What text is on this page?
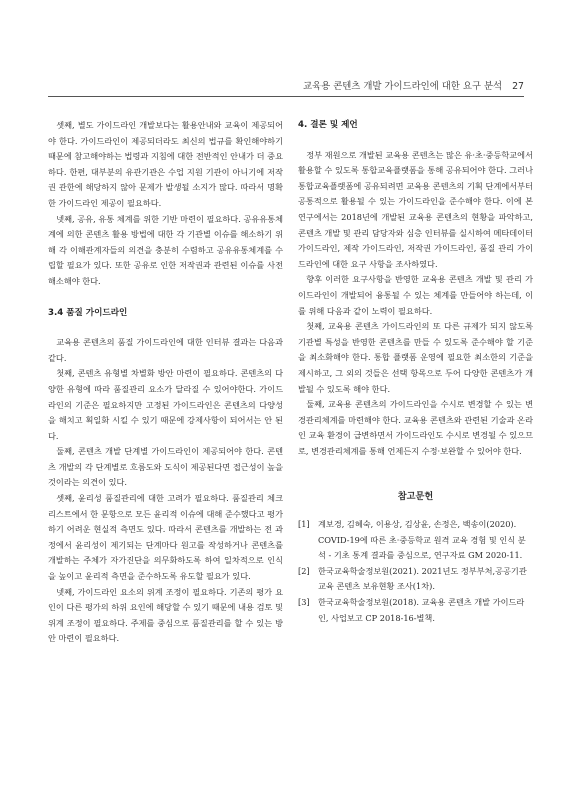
교육용 콘텐츠 개발 가이드라인에 대한 요구 분석 27

셋째, 별도 가이드라인 개발보다는 활용안내와 교육이 제공되어야 한다. 가이드라인이 제공되더라도 최신의 법규를 확인해야하기 때문에 참고해야하는 법령과 지침에 대한 전반적인 안내가 더 중요하다. 한편, 대부분의 유관기관은 수업 지원 기관이 아니기에 저작권 관한에 해당하지 않아 문제가 발생될 소지가 많다. 따라서 명확한 가이드라인 제공이 필요하다.

넷째, 공유, 유통 체계를 위한 기반 마련이 필요하다. 공유유통체계에 의한 콘텐츠 활용 방법에 대한 각 기관별 이슈를 해소하기 위해 각 이해관계자들의 의견을 충분히 수렴하고 공유유통체계를 수립할 필요가 있다. 또한 공유로 인한 저작권과 관련된 이슈를 사전 해소해야 한다.

3.4 품질 가이드라인

교육용 콘텐츠의 품질 가이드라인에 대한 인터뷰 결과는 다음과 같다.

첫째, 콘텐츠 유형별 차별화 방안 마련이 필요하다. 콘텐츠의 다양한 유형에 따라 품질관리 요소가 달라질 수 있어야한다. 가이드라인의 기준은 필요하지만 고정된 가이드라인은 콘텐츠의 다양성을 해치고 획일화 시킬 수 있기 때문에 강제사항이 되어서는 안 된다.

둘째, 콘텐츠 개발 단계별 가이드라인이 제공되어야 한다. 콘텐츠 개발의 각 단계별로 흐름도와 도식이 제공된다면 접근성이 높을 것이라는 의견이 있다.

셋째, 윤리성 품질관리에 대한 고려가 필요하다. 품질관리 체크리스트에서 한 문항으로 모든 윤리적 이슈에 대해 준수했다고 평가하기 어려운 현실적 측면도 있다. 따라서 콘텐츠를 개발하는 전 과정에서 윤리성이 제기되는 단계마다 원고를 작성하거나 콘텐츠를 개발하는 주체가 자가진단을 의무화하도록 하여 일차적으로 인식을 높이고 윤리적 측면을 준수하도록 유도할 필요가 있다.

넷째, 가이드라인 요소의 위계 조정이 필요하다. 기존의 평가 요인이 다른 평가의 하위 요인에 해당할 수 있기 때문에 내용 검토 및 위계 조정이 필요하다. 주제를 중심으로 품질관리를 할 수 있는 방안 마련이 필요하다.

4. 결론 및 제언

정부 재원으로 개발된 교육용 콘텐츠는 많은 유·초·중등학교에서 활용할 수 있도록 통합교육플랫폼을 통해 공유되어야 한다. 그러나 통합교육플랫폼에 공유되려면 교육용 콘텐츠의 기획 단계에서부터 공통적으로 활용될 수 있는 가이드라인을 준수해야 한다. 이에 본 연구에서는 2018년에 개발된 교육용 콘텐츠의 현황을 파악하고, 콘텐츠 개발 및 관리 담당자와 심층 인터뷰를 실시하여 메타데이터 가이드라인, 제작 가이드라인, 저작권 가이드라인, 품질 관리 가이드라인에 대한 요구 사항을 조사하였다.

향후 이러한 요구사항을 반영한 교육용 콘텐츠 개발 및 관리 가이드라인이 개발되어 융통될 수 있는 체계를 만들어야 하는데, 이를 위해 다음과 같이 노력이 필요하다.

첫째, 교육용 콘텐츠 가이드라인의 또 다른 규제가 되지 않도록 기관별 특성을 반영한 콘텐츠를 만들 수 있도록 준수해야 할 기준을 최소화해야 한다. 통합 플랫폼 운영에 필요한 최소한의 기준을 제시하고, 그 외의 것들은 선택 항목으로 두어 다양한 콘텐츠가 개발될 수 있도록 해야 한다.

둘째, 교육용 콘텐츠의 가이드라인을 수시로 변경할 수 있는 변경관리체계를 마련해야 한다. 교육용 콘텐츠와 관련된 기술과 온라인 교육 환경이 급변하면서 가이드라인도 수시로 변경될 수 있으므로, 변경관리체계를 통해 언제든지 수정·보완할 수 있어야 한다.

참고문헌
[1] 계보경, 김혜숙, 이용상, 김상윤, 손정은, 백송이(2020). COVID-19에 따른 초·중등학교 원격 교육 경험 및 인식 분석 - 기초 통계 결과를 중심으로, 연구자료 GM 2020-11.
[2] 한국교육학술정보원(2021). 2021년도 정부부처,공공기관 교육 콘텐츠 보유현황 조사(1차).
[3] 한국교육학술정보원(2018). 교육용 콘텐츠 개발 가이드라인, 사업보고 CP 2018-16-별책.
